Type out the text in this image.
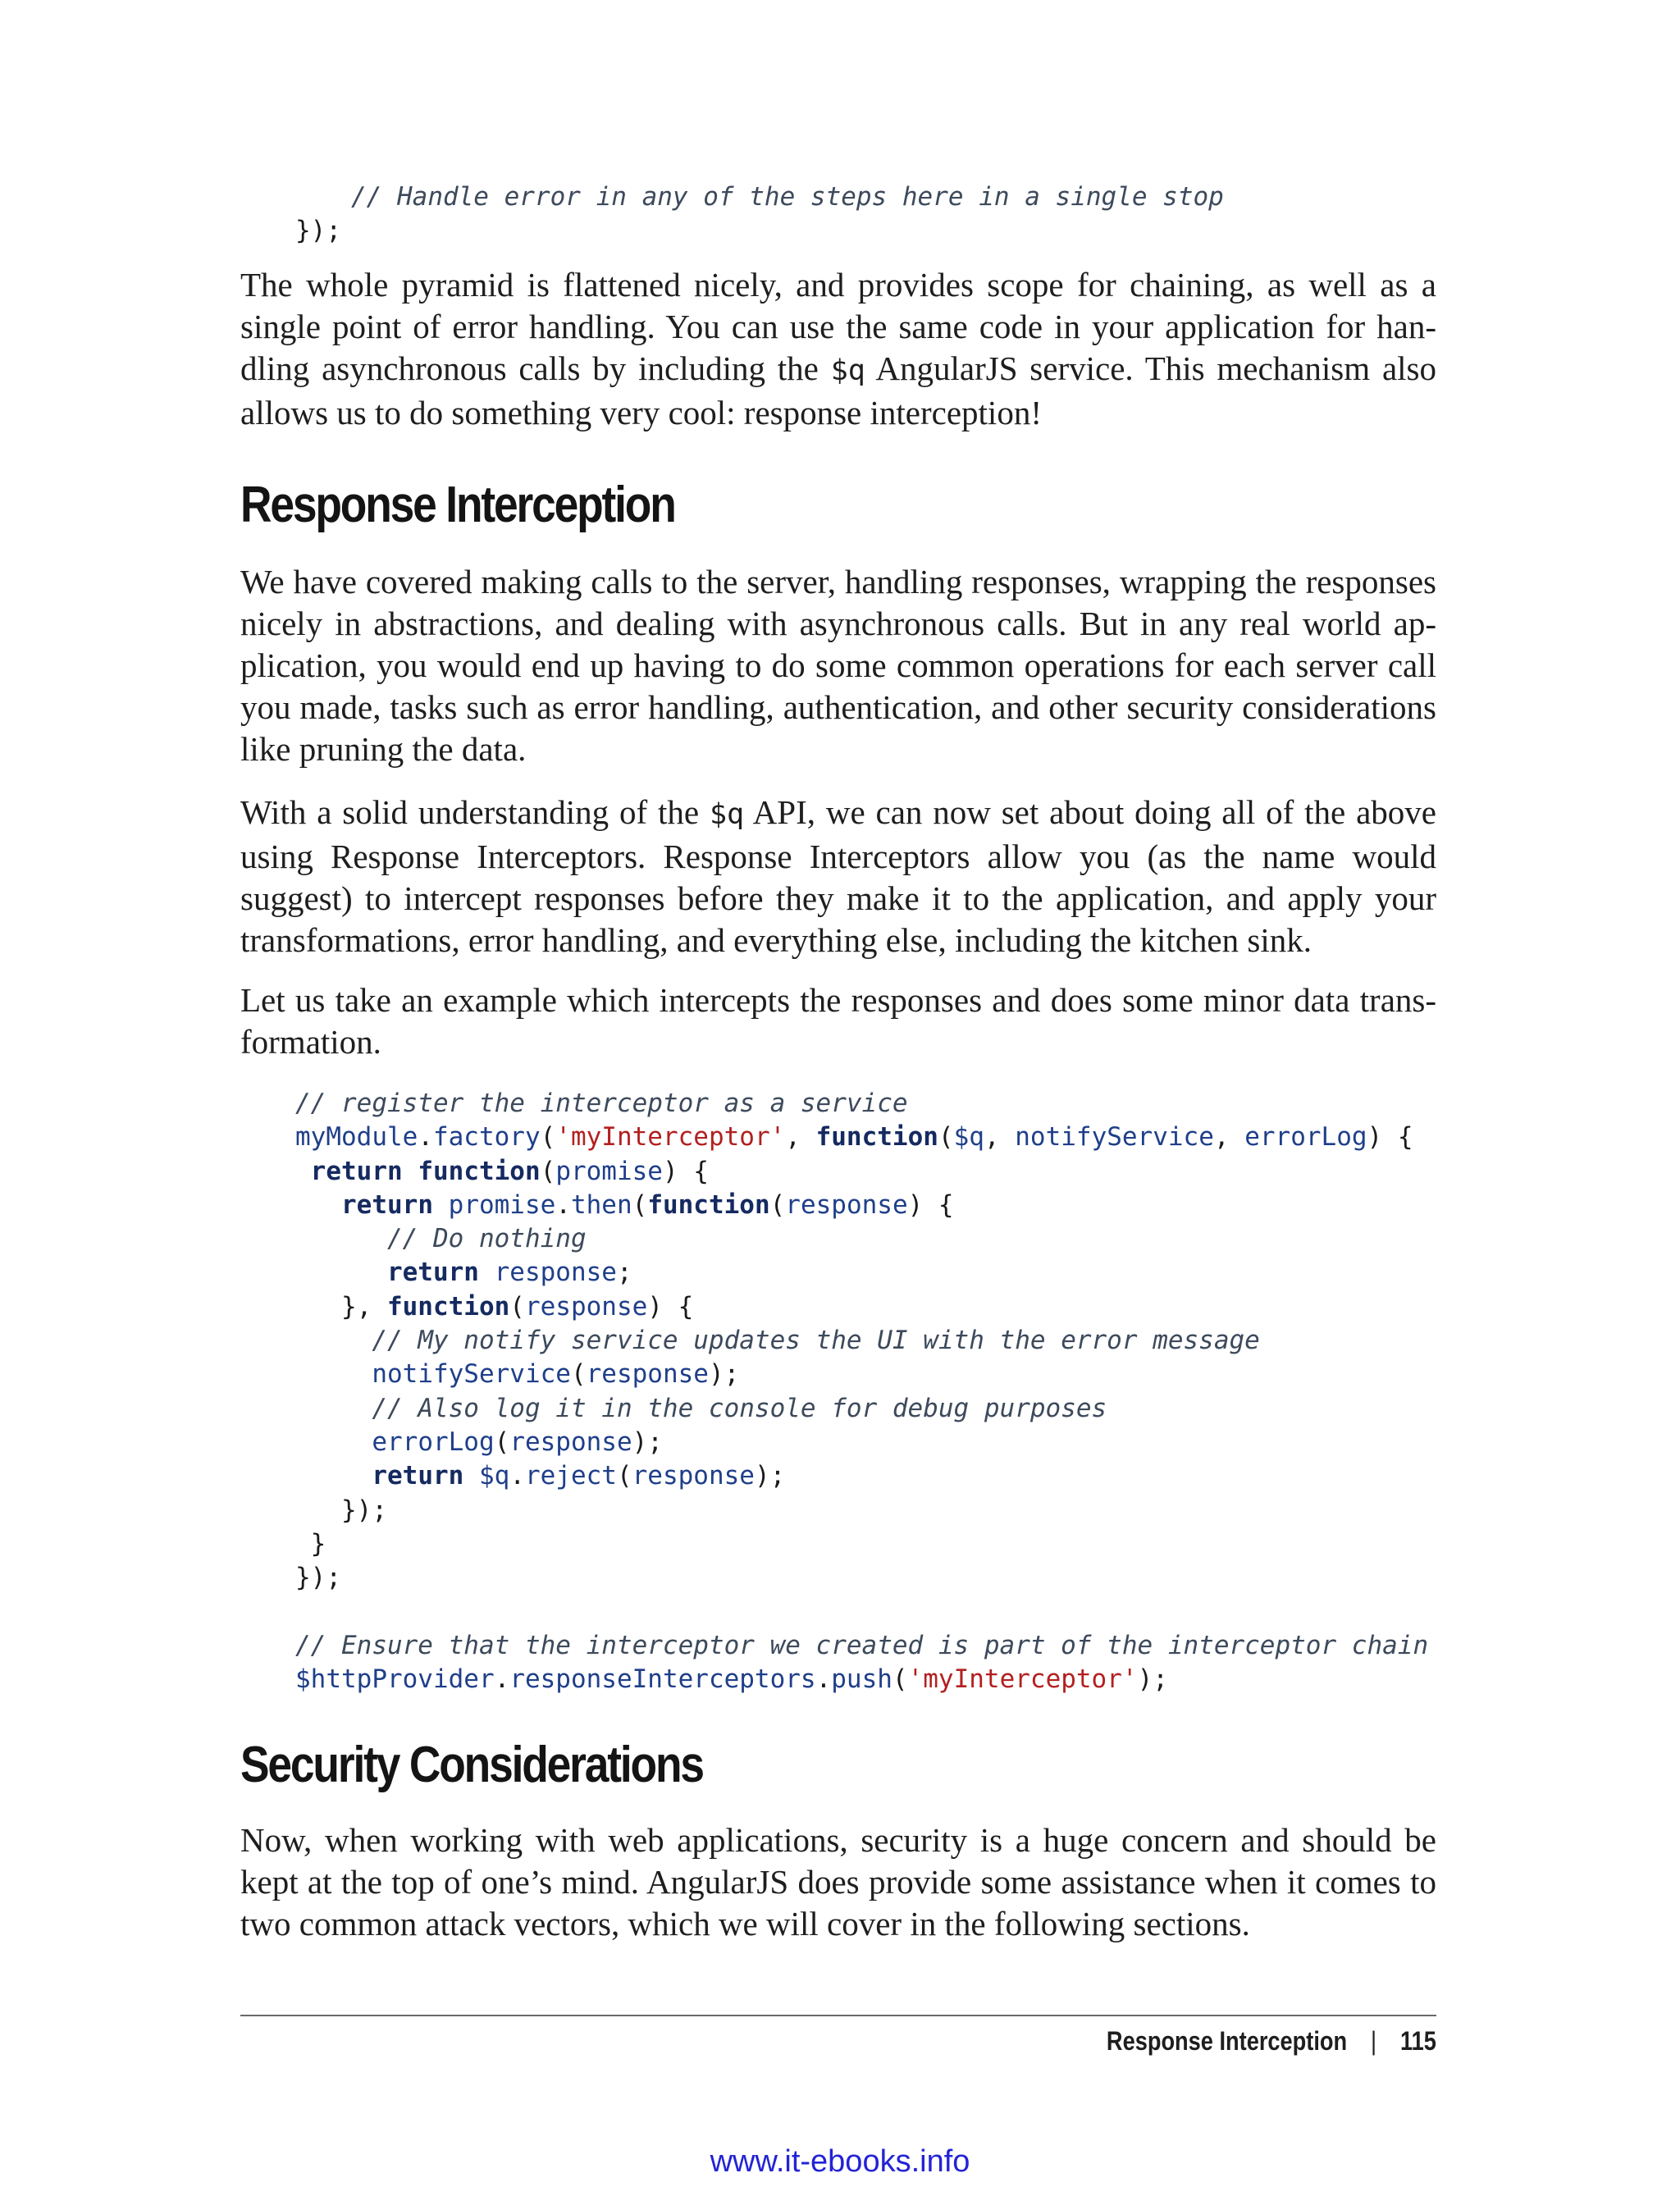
// Handle error in any of the steps here in a single stop
});

The whole pyramid is flattened nicely, and provides scope for chaining, as well as a single point of error handling. You can use the same code in your application for handling asynchronous calls by including the $q AngularJS service. This mechanism also allows us to do something very cool: response interception!

Response Interception

We have covered making calls to the server, handling responses, wrapping the responses nicely in abstractions, and dealing with asynchronous calls. But in any real world application, you would end up having to do some common operations for each server call you made, tasks such as error handling, authentication, and other security considerations like pruning the data.

With a solid understanding of the $q API, we can now set about doing all of the above using Response Interceptors. Response Interceptors allow you (as the name would suggest) to intercept responses before they make it to the application, and apply your transformations, error handling, and everything else, including the kitchen sink.

Let us take an example which intercepts the responses and does some minor data transformation.

// register the interceptor as a service
myModule.factory('myInterceptor', function($q, notifyService, errorLog) {
return function(promise) {
return promise.then(function(response) {
// Do nothing
return response;
}, function(response) {
// My notify service updates the UI with the error message
notifyService(response);
// Also log it in the console for debug purposes
errorLog(response);
return $q.reject(response);
});
}
});

// Ensure that the interceptor we created is part of the interceptor chain
$httpProvider.responseInterceptors.push('myInterceptor');
Security Considerations

Now, when working with web applications, security is a huge concern and should be kept at the top of one’s mind. AngularJS does provide some assistance when it comes to two common attack vectors, which we will cover in the following sections.

Response Interception | 115
www.it-ebooks.info
